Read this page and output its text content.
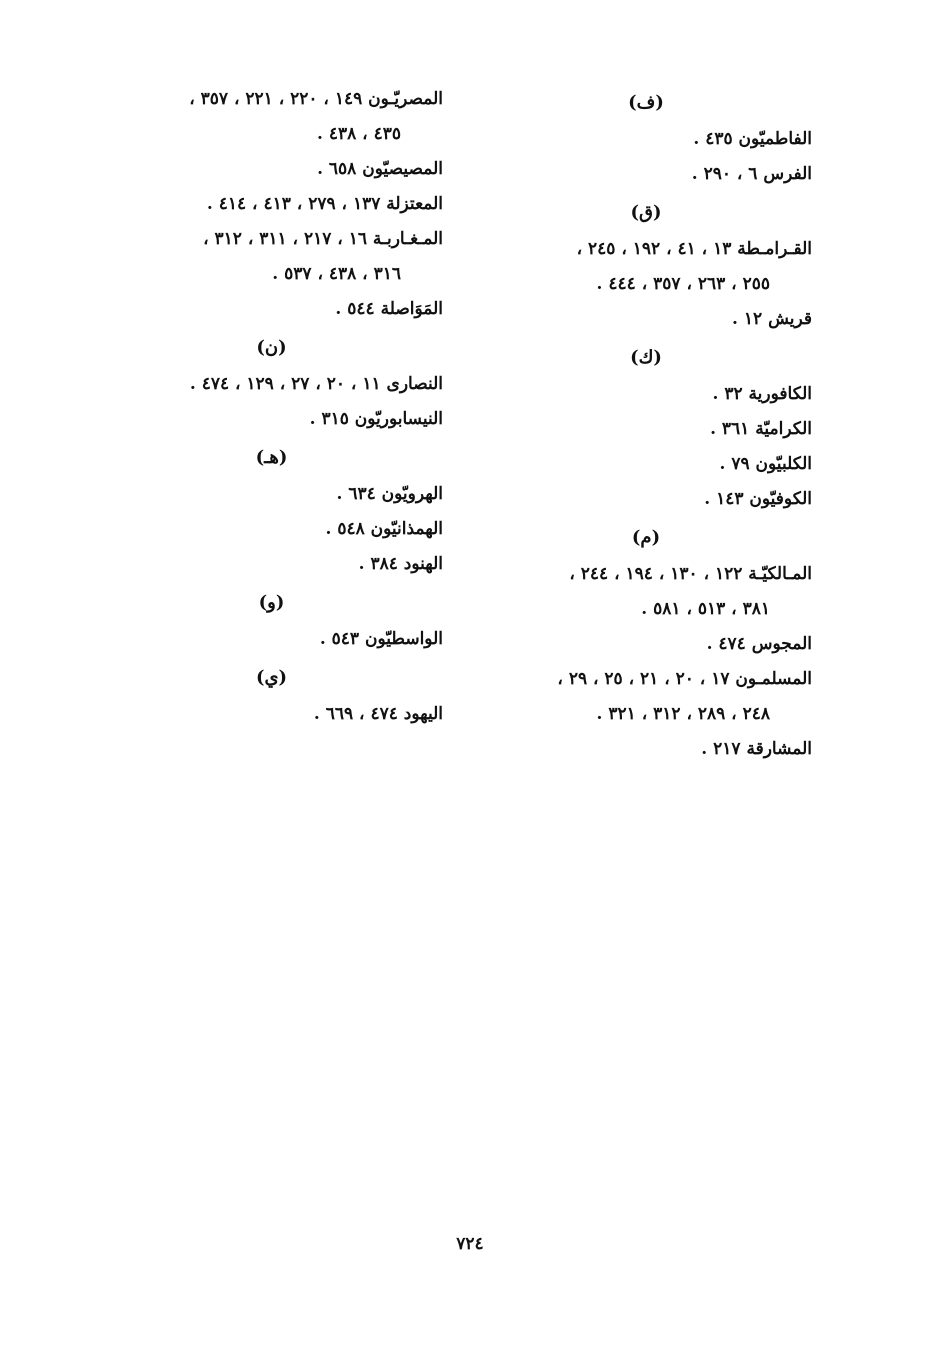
(ف)
الفاطميّون ٤٣٥ .
الفرس ٦ ، ٢٩٠ .
(ق)
القـرامـطة ١٣ ، ٤١ ، ١٩٢ ، ٢٤٥ ،
٢٥٥ ، ٢٦٣ ، ٣٥٧ ، ٤٤٤ .
قريش ١٢ .
(ك)
الكافورية ٣٢ .
الكراميّة ٣٦١ .
الكلبيّون ٧٩ .
الكوفيّون ١٤٣ .
(م)
المـالكيّـة ١٢٢ ، ١٣٠ ، ١٩٤ ، ٢٤٤ ،
٣٨١ ، ٥١٣ ، ٥٨١ .
المجوس ٤٧٤ .
المسلمـون ١٧ ، ٢٠ ، ٢١ ، ٢٥ ، ٢٩ ،
٢٤٨ ، ٢٨٩ ، ٣١٢ ، ٣٢١ .
المشارقة ٢١٧ .
المصريّـون ١٤٩ ، ٢٢٠ ، ٢٢١ ، ٣٥٧ ،
٤٣٥ ، ٤٣٨ .
المصيصيّون ٦٥٨ .
المعتزلة ١٣٧ ، ٢٧٩ ، ٤١٣ ، ٤١٤ .
المـغـاربـة ١٦ ، ٢١٧ ، ٣١١ ، ٣١٢ ،
٣١٦ ، ٤٣٨ ، ٥٣٧ .
المَوَاصلة ٥٤٤ .
(ن)
النصارى ١١ ، ٢٠ ، ٢٧ ، ١٢٩ ، ٤٧٤ .
النيسابوريّون ٣١٥ .
(هـ)
الهرويّون ٦٣٤ .
الهمذانيّون ٥٤٨ .
الهنود ٣٨٤ .
(و)
الواسطيّون ٥٤٣ .
(ي)
اليهود ٤٧٤ ، ٦٦٩ .
٧٢٤
